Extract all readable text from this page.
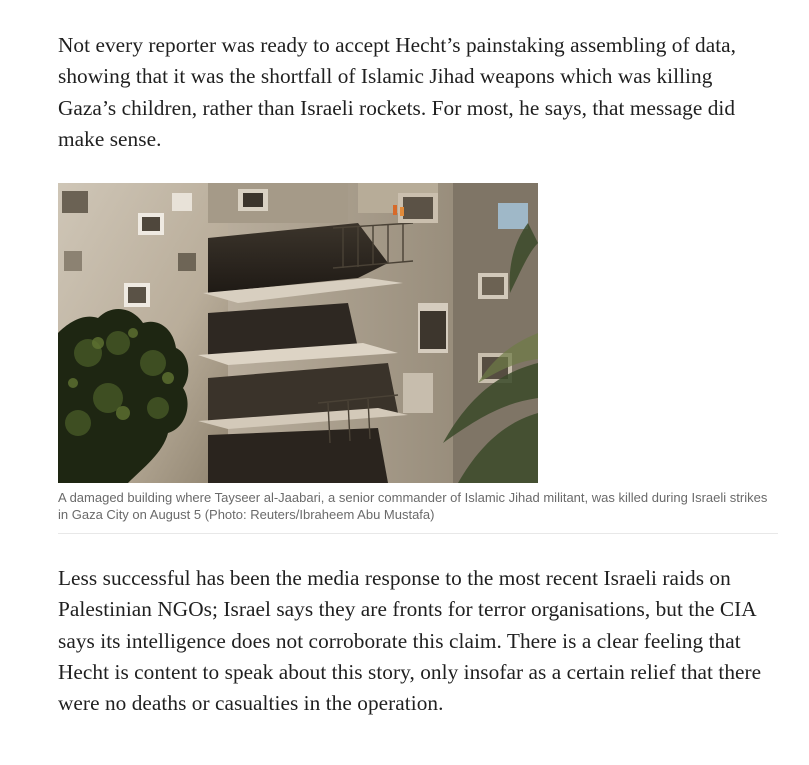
Not every reporter was ready to accept Hecht’s painstaking assembling of data, showing that it was the shortfall of Islamic Jihad weapons which was killing Gaza’s children, rather than Israeli rockets. For most, he says, that message did make sense.

A damaged building where Tayseer al-Jaabari, a senior commander of Islamic Jihad militant, was killed during Israeli strikes in Gaza City on August 5 (Photo: Reuters/Ibraheem Abu Mustafa)

Less successful has been the media response to the most recent Israeli raids on Palestinian NGOs; Israel says they are fronts for terror organisations, but the CIA says its intelligence does not corroborate this claim. There is a clear feeling that Hecht is content to speak about this story, only insofar as a certain relief that there were no deaths or casualties in the operation.
